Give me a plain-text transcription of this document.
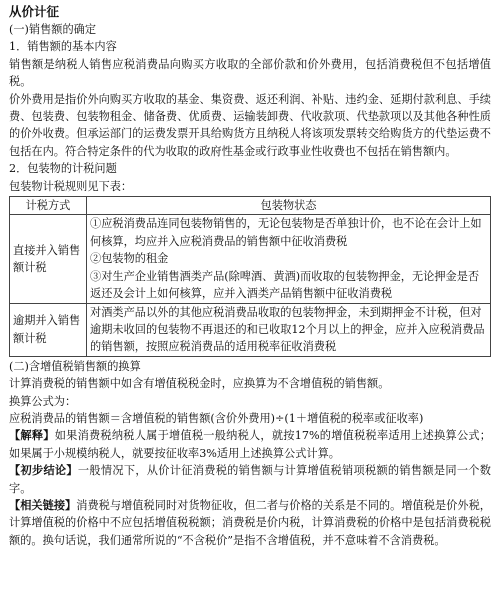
从价计征
(一)销售额的确定
1．销售额的基本内容
销售额是纳税人销售应税消费品向购买方收取的全部价款和价外费用，包括消费税但不包括增值税。
价外费用是指价外向购买方收取的基金、集资费、返还利润、补贴、违约金、延期付款利息、手续费、包装费、包装物租金、储备费、优质费、运输装卸费、代收款项、代垫款项以及其他各种性质的价外收费。但承运部门的运费发票开具给购货方且纳税人将该项发票转交给购货方的代垫运费不包括在内。符合特定条件的代为收取的政府性基金或行政事业性收费也不包括在销售额内。
2．包装物的计税问题
包装物计税规则见下表：
计税方式	包装物状态
直接并入销售额计税	①应税消费品连同包装物销售的，无论包装物是否单独计价，也不论在会计上如何核算，均应并入应税消费品的销售额中征收消费税
②包装物的租金
③对生产企业销售酒类产品(除啤酒、黄酒)而收取的包装物押金，无论押金是否返还及会计上如何核算，应并入酒类产品销售额中征收消费税

逾期并入销售额计税	对酒类产品以外的其他应税消费品收取的包装物押金，未到期押金不计税，但对逾期未收回的包装物不再退还的和已收取12个月以上的押金，应并入应税消费品的销售额，按照应税消费品的适用税率征收消费税
(二)含增值税销售额的换算
计算消费税的销售额中如含有增值税税金时，应换算为不含增值税的销售额。
换算公式为：
应税消费品的销售额＝含增值税的销售额(含价外费用)÷(1＋增值税的税率或征收率)
【解释】如果消费税纳税人属于增值税一般纳税人，就按17%的增值税税率适用上述换算公式；如果属于小规模纳税人，就要按征收率3%适用上述换算公式计算。
【初步结论】一般情况下，从价计征消费税的销售额与计算增值税销项税额的销售额是同一个数字。
【相关链接】消费税与增值税同时对货物征收，但二者与价格的关系是不同的。增值税是价外税，计算增值税的价格中不应包括增值税税额；消费税是价内税，计算消费税的价格中是包括消费税税额的。换句话说，我们通常所说的“不含税价”是指不含增值税，并不意味着不含消费税。
